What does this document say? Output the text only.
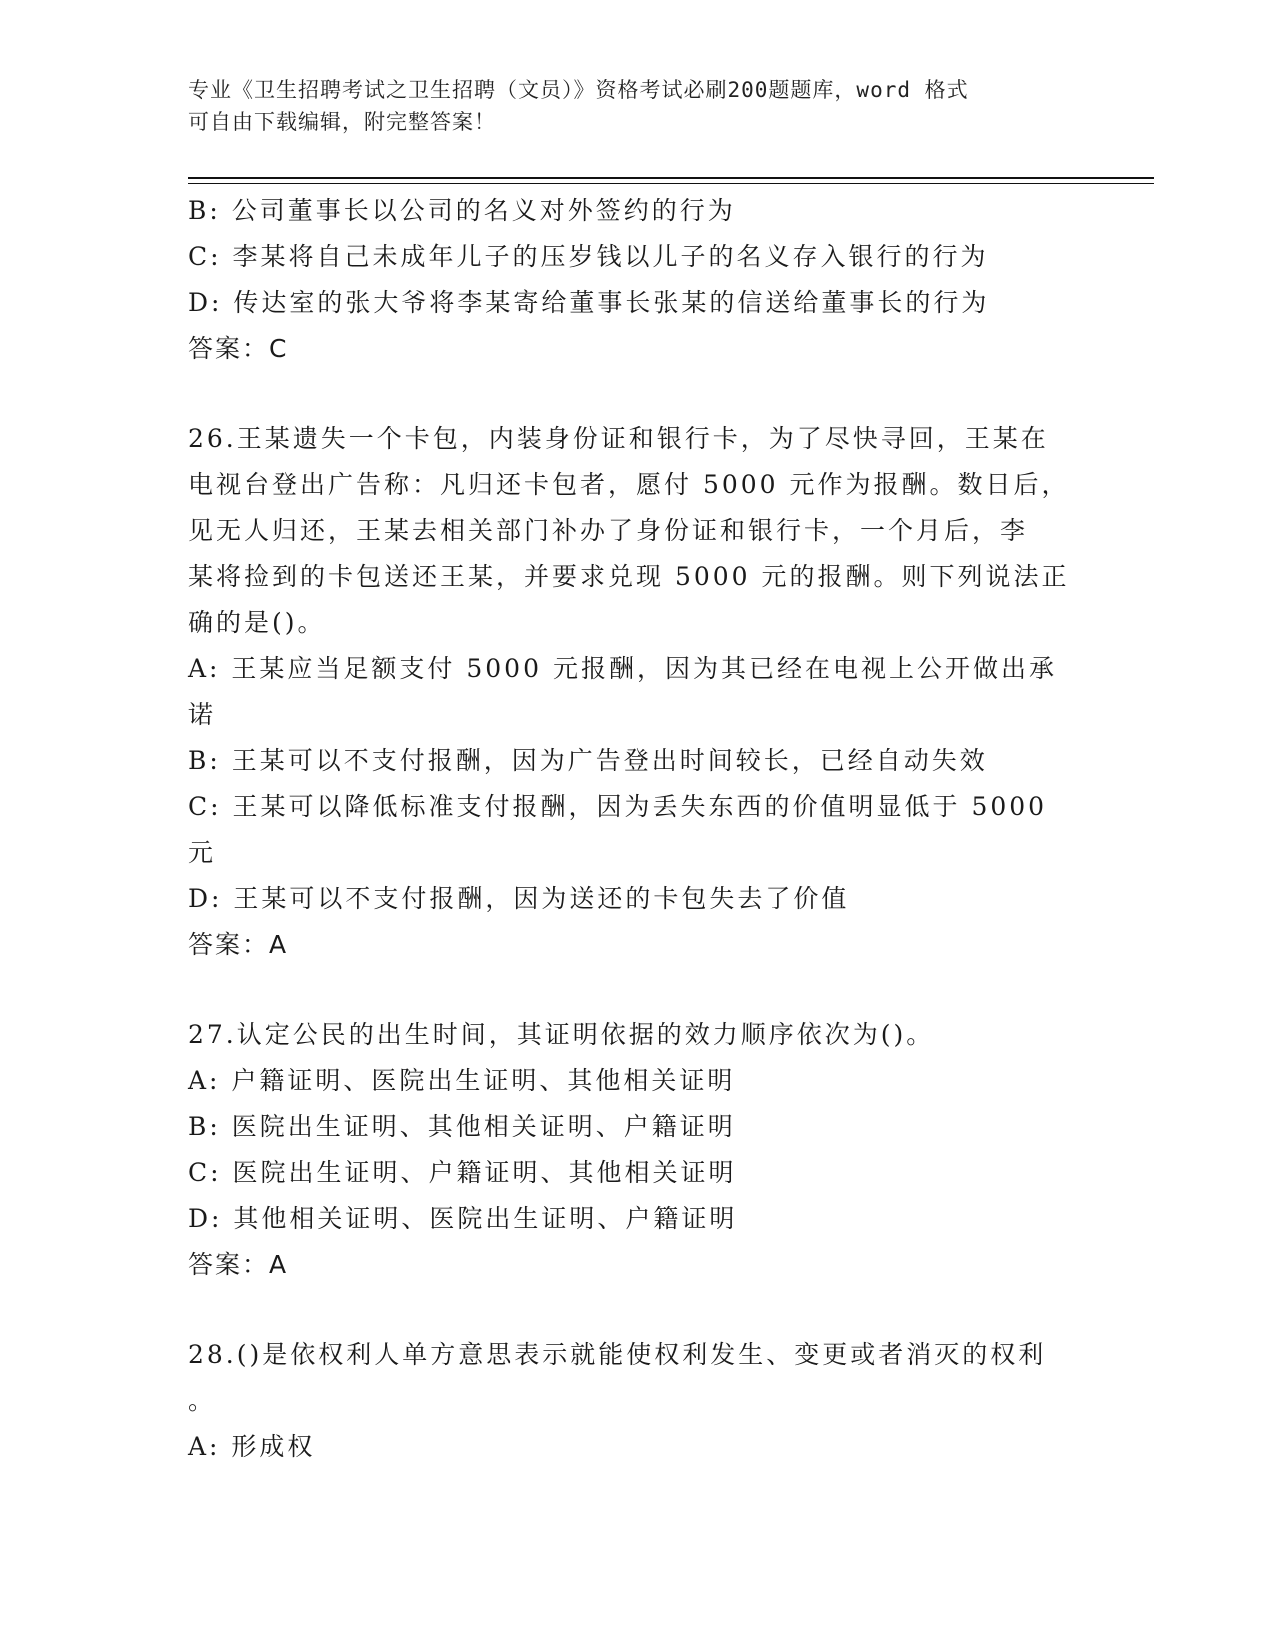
专业《卫生招聘考试之卫生招聘（文员）》资格考试必刷200题题库，word 格式
可自由下载编辑，附完整答案！
B: 公司董事长以公司的名义对外签约的行为
C: 李某将自己未成年儿子的压岁钱以儿子的名义存入银行的行为
D: 传达室的张大爷将李某寄给董事长张某的信送给董事长的行为
答案：C
26.王某遗失一个卡包，内装身份证和银行卡，为了尽快寻回，王某在
电视台登出广告称：凡归还卡包者，愿付 5000 元作为报酬。数日后，
见无人归还，王某去相关部门补办了身份证和银行卡，一个月后，李
某将捡到的卡包送还王某，并要求兑现 5000 元的报酬。则下列说法正
确的是()。
A: 王某应当足额支付 5000 元报酬，因为其已经在电视上公开做出承
诺
B: 王某可以不支付报酬，因为广告登出时间较长，已经自动失效
C: 王某可以降低标准支付报酬，因为丢失东西的价值明显低于 5000
元
D: 王某可以不支付报酬，因为送还的卡包失去了价值
答案：A
27.认定公民的出生时间，其证明依据的效力顺序依次为()。
A: 户籍证明、医院出生证明、其他相关证明
B: 医院出生证明、其他相关证明、户籍证明
C: 医院出生证明、户籍证明、其他相关证明
D: 其他相关证明、医院出生证明、户籍证明
答案：A
28.()是依权利人单方意思表示就能使权利发生、变更或者消灭的权利
。
A: 形成权
